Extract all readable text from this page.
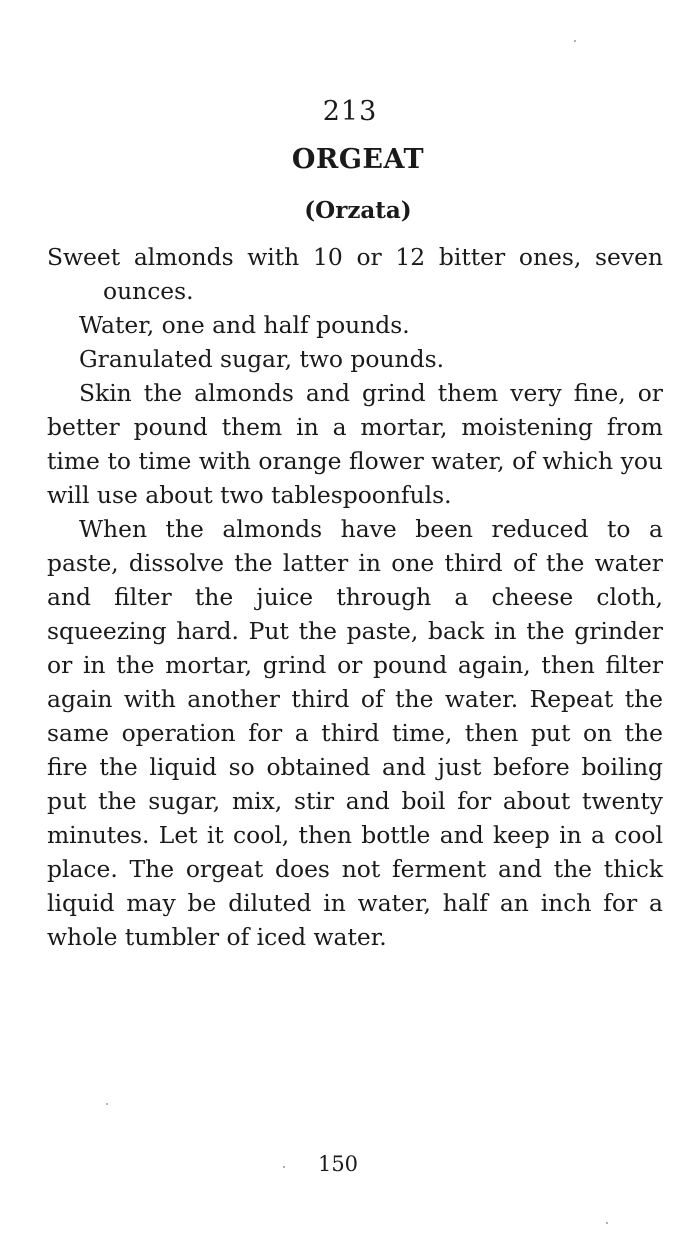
213
ORGEAT
(Orzata)

Sweet almonds with 10 or 12 bitter ones, seven ounces.

Water, one and half pounds.

Granulated sugar, two pounds.

Skin the almonds and grind them very fine, or better pound them in a mortar, moistening from time to time with orange flower water, of which you will use about two tablespoonfuls.

When the almonds have been reduced to a paste, dissolve the latter in one third of the water and filter the juice through a cheese cloth, squeezing hard. Put the paste, back in the grinder or in the mortar, grind or pound again, then filter again with another third of the water. Repeat the same operation for a third time, then put on the fire the liquid so obtained and just before boiling put the sugar, mix, stir and boil for about twenty minutes. Let it cool, then bottle and keep in a cool place. The orgeat does not ferment and the thick liquid may be diluted in water, half an inch for a whole tumbler of iced water.

150
